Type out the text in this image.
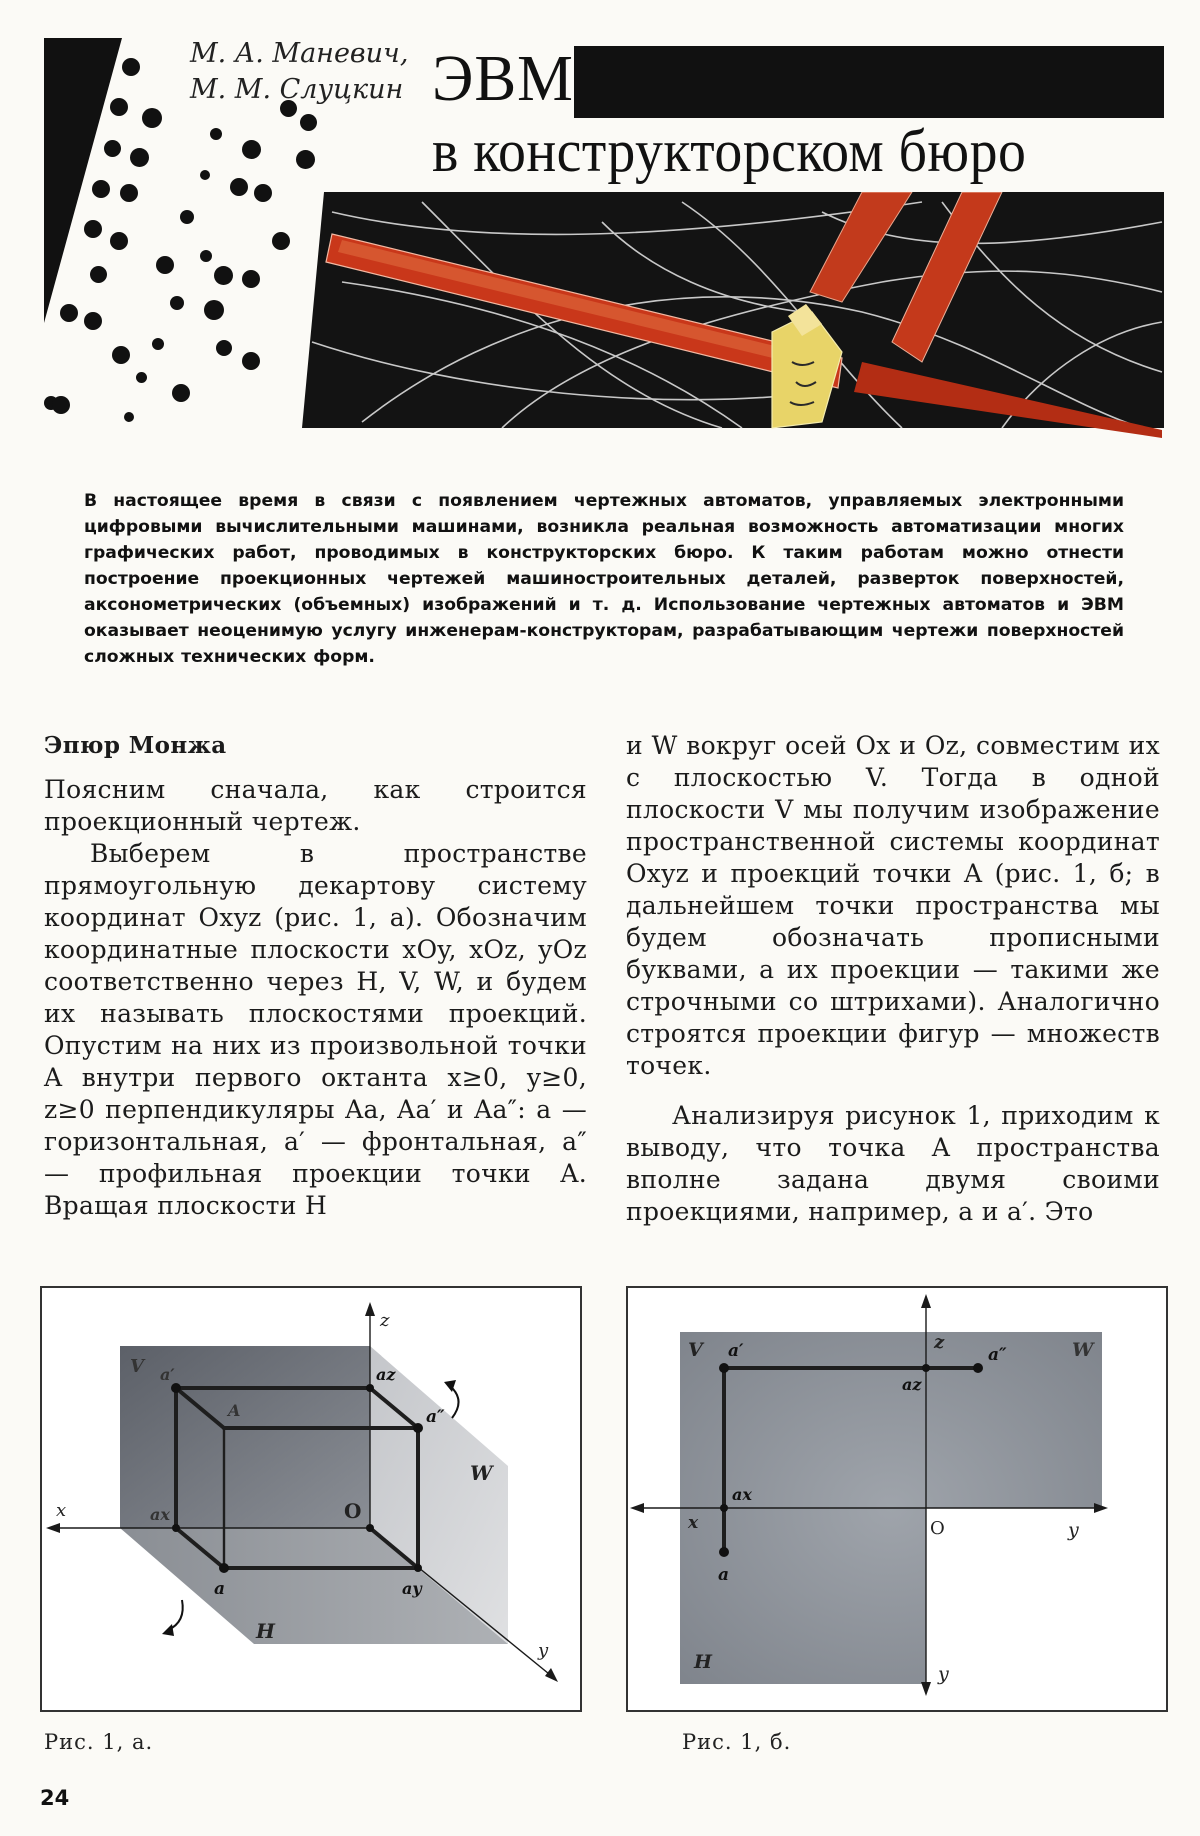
М. А. Маневич,
М. М. Слуцкин ЭВМ
в конструкторском бюро
В настоящее время в связи с появлением чертежных автоматов, управляемых электронными цифровыми вычислительными машинами, возникла реальная возможность автоматизации многих графических работ, проводимых в конструкторских бюро. К таким работам можно отнести построение проекционных чертежей машиностроительных деталей, разверток поверхностей, аксонометрических (объемных) изображений и т. д. Использование чертежных автоматов и ЭВМ оказывает неоценимую услугу инженерам-конструкторам, разрабатывающим чертежи поверхностей сложных технических форм.
Эпюр Монжа

Поясним сначала, как строится проекционный чертеж.

Выберем в пространстве прямоугольную декартову систему координат Oxyz (рис. 1, а). Обозначим координатные плоскости xOy, xOz, yOz соответственно через H, V, W, и будем их называть плоскостями проекций. Опустим на них из произвольной точки A внутри первого октанта x≥0, y≥0, z≥0 перпендикуляры Aa, Aa′ и Aa″: a — горизонтальная, a′ — фронтальная, a″ — профильная проекции точки A. Вращая плоскости H

и W вокруг осей Ox и Oz, совместим их с плоскостью V. Тогда в одной плоскости V мы получим изображение пространственной системы координат Oxyz и проекций точки A (рис. 1, б; в дальнейшем точки пространства мы будем обозначать прописными буквами, а их проекции — такими же строчными со штрихами). Аналогично строятся проекции фигур — множеств точек.

Анализируя рисунок 1, приходим к выводу, что точка A пространства вполне задана двумя своими проекциями, например, a и a′. Это

z
x
y
V
W
H
O
A
a′
a″
az
ax
a	ay
Рис. 1, а.
V	W
H
O
z
x	y
y
a′	a″
az
ax
a
Рис. 1, б.
24
